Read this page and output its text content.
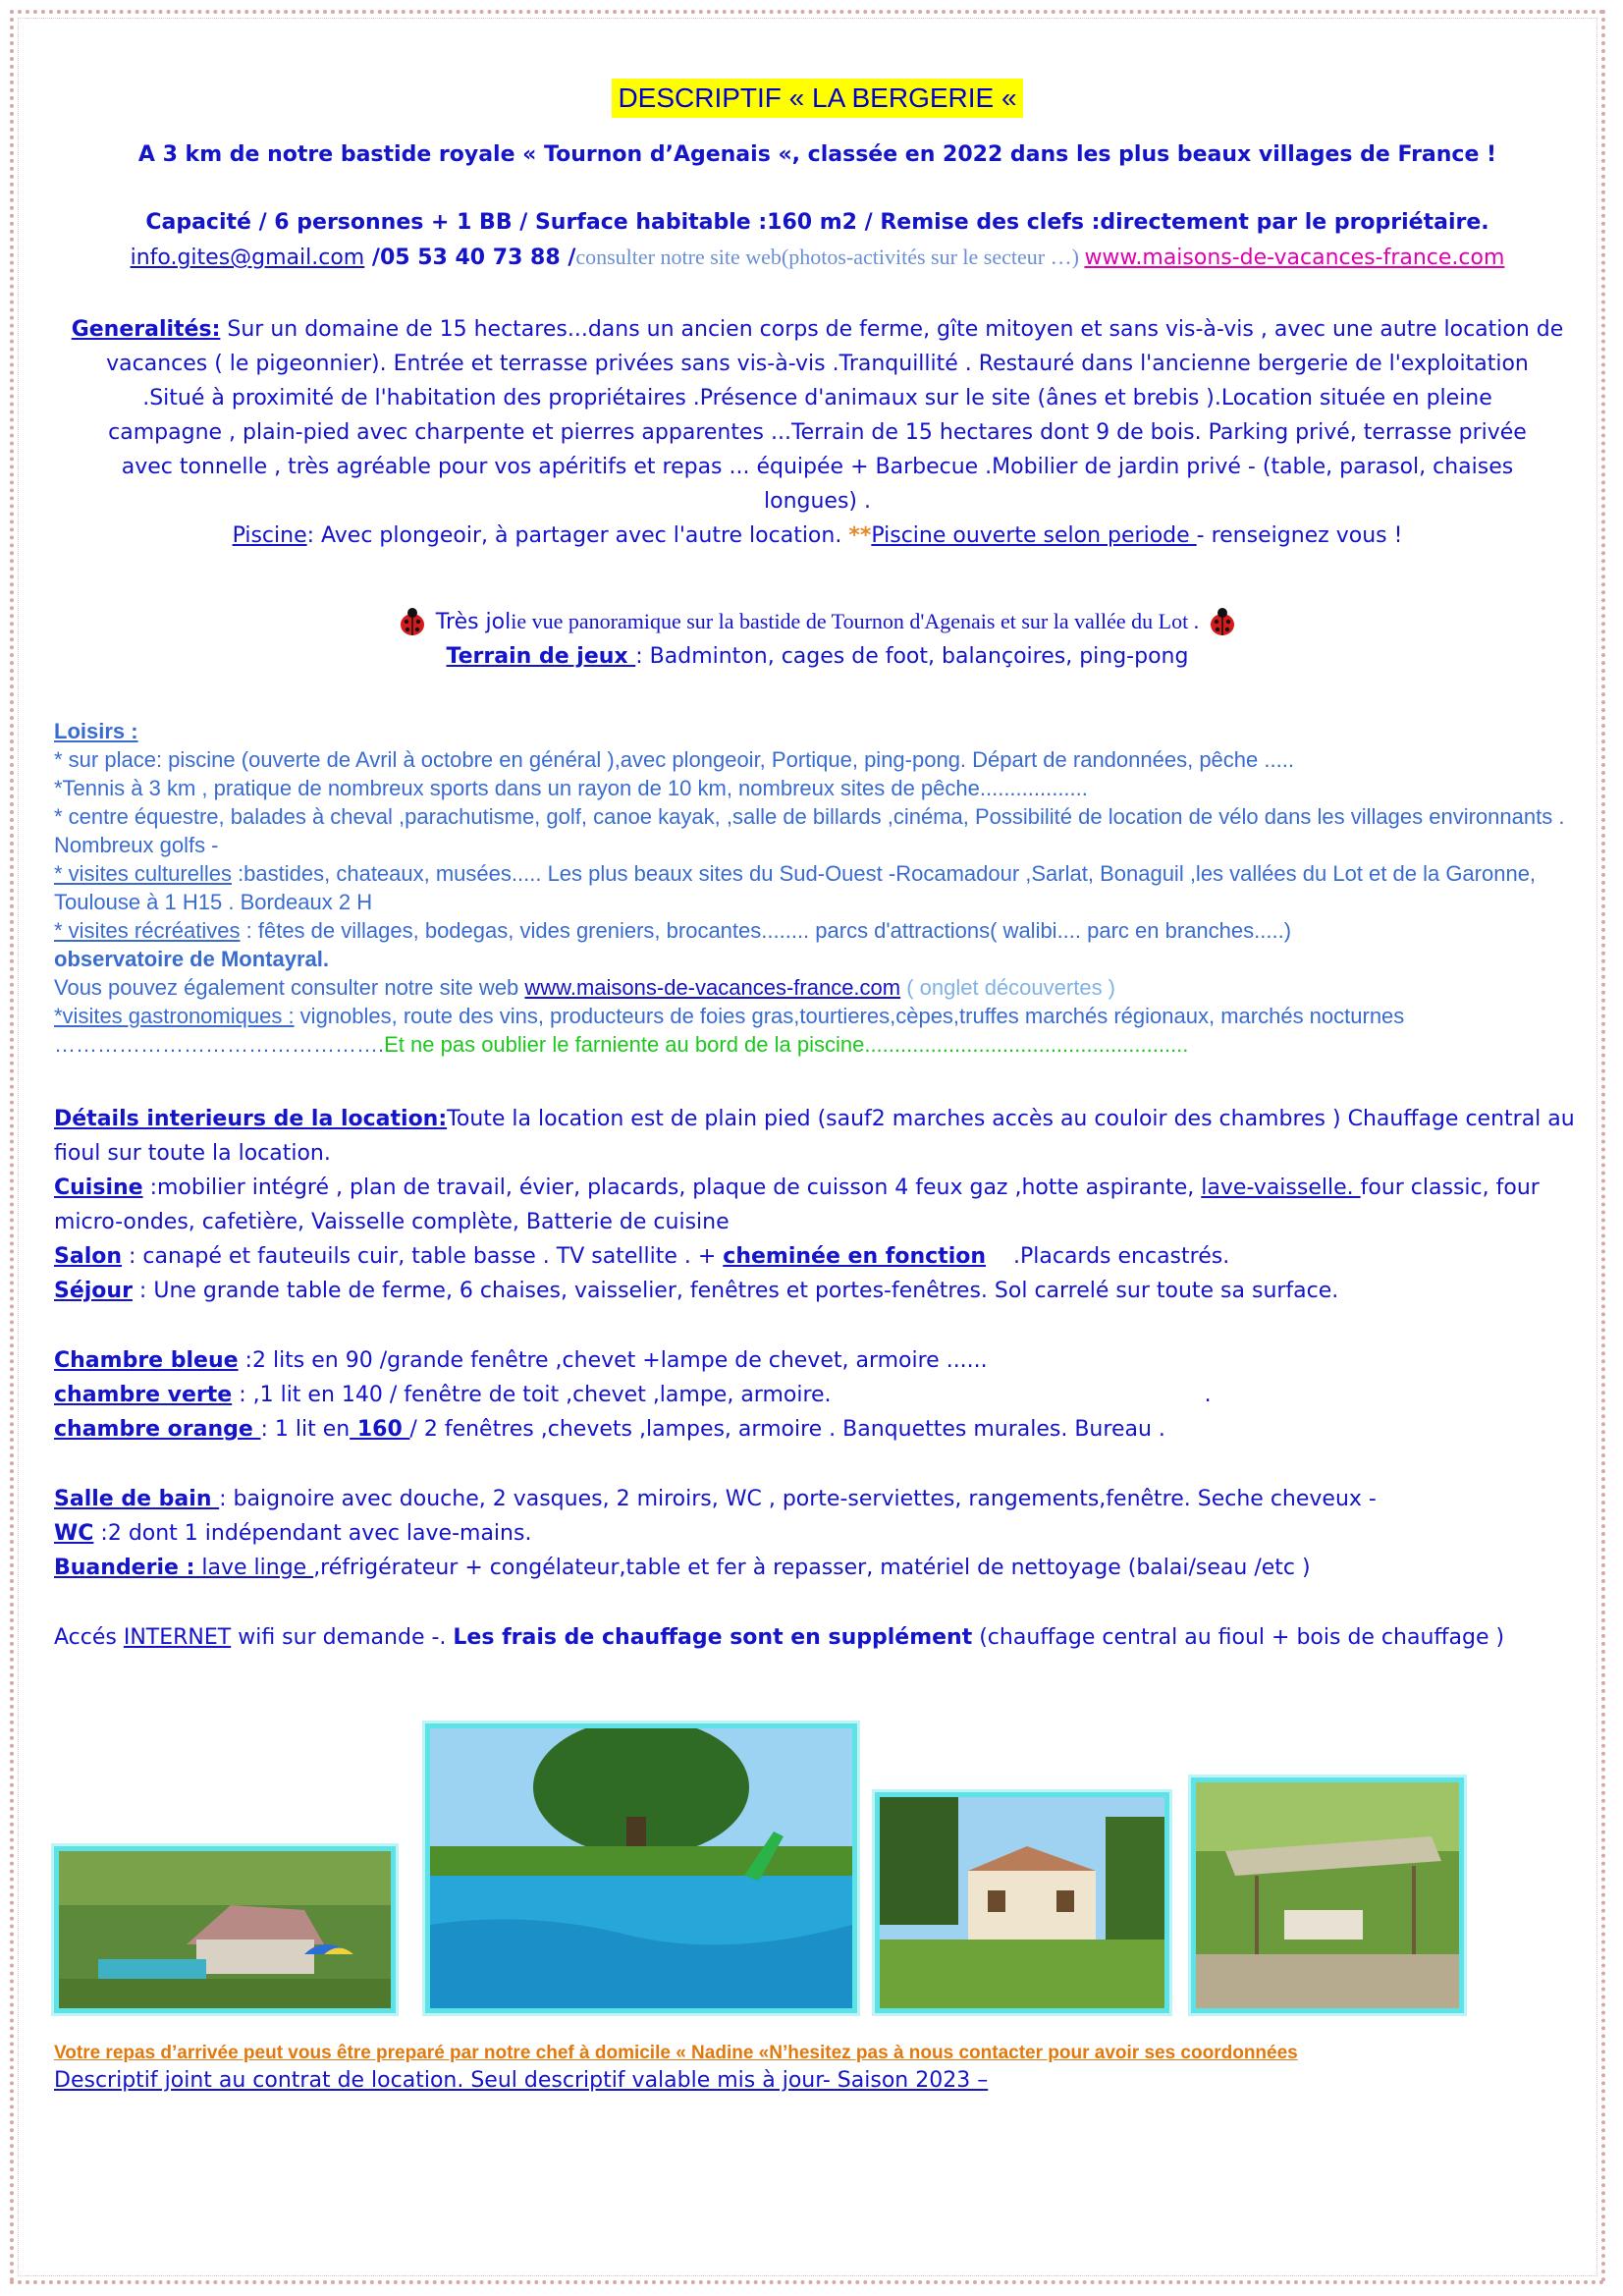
DESCRIPTIF « LA BERGERIE «
A 3 km de notre bastide royale « Tournon d’Agenais «, classée en 2022 dans les plus beaux villages de France !
Capacité / 6 personnes + 1 BB / Surface habitable :160 m2 / Remise des clefs :directement par le propriétaire.
info.gites@gmail.com /05 53 40 73 88 /consulter notre site web(photos-activités sur le secteur …) www.maisons-de-vacances-france.com
Generalités: Sur un domaine de 15 hectares...dans un ancien corps de ferme, gîte mitoyen et sans vis-à-vis , avec une autre location de
vacances ( le pigeonnier). Entrée et terrasse privées sans vis-à-vis .Tranquillité . Restauré dans l'ancienne bergerie de l'exploitation
.Situé à proximité de l'habitation des propriétaires .Présence d'animaux sur le site (ânes et brebis ).Location située en pleine
campagne , plain-pied avec charpente et pierres apparentes ...Terrain de 15 hectares dont 9 de bois. Parking privé, terrasse privée
avec tonnelle , très agréable pour vos apéritifs et repas ... équipée + Barbecue .Mobilier de jardin privé - (table, parasol, chaises
longues) .
Piscine: Avec plongeoir, à partager avec l'autre location. **Piscine ouverte selon periode - renseignez vous !
Très jolie vue panoramique sur la bastide de Tournon d'Agenais et sur la vallée du Lot .
Terrain de jeux : Badminton, cages de foot, balançoires, ping-pong
Loisirs :
* sur place: piscine (ouverte de Avril à octobre en général ),avec plongeoir, Portique, ping-pong. Départ de randonnées, pêche .....
*Tennis à 3 km , pratique de nombreux sports dans un rayon de 10 km, nombreux sites de pêche..................
* centre équestre, balades à cheval ,parachutisme, golf, canoe kayak, ,salle de billards ,cinéma, Possibilité de location de vélo dans les villages environnants . Nombreux golfs -
* visites culturelles :bastides, chateaux, musées..... Les plus beaux sites du Sud-Ouest -Rocamadour ,Sarlat, Bonaguil ,les vallées du Lot et de la Garonne, Toulouse à 1 H15 . Bordeaux 2 H
* visites récréatives : fêtes de villages, bodegas, vides greniers, brocantes........ parcs d'attractions( walibi.... parc en branches.....)
observatoire de Montayral.
Vous pouvez également consulter notre site web www.maisons-de-vacances-france.com ( onglet découvertes )
*visites gastronomiques : vignobles, route des vins, producteurs de foies gras,tourtieres,cèpes,truffes marchés régionaux, marchés nocturnes
……………………………………….Et ne pas oublier le farniente au bord de la piscine......................................................
Détails interieurs de la location:Toute la location est de plain pied (sauf2 marches accès au couloir des chambres ) Chauffage central au fioul sur toute la location.
Cuisine :mobilier intégré , plan de travail, évier, placards, plaque de cuisson 4 feux gaz ,hotte aspirante, lave-vaisselle. four classic, four micro-ondes, cafetière, Vaisselle complète, Batterie de cuisine
Salon : canapé et fauteuils cuir, table basse . TV satellite . + cheminée en fonction    .Placards encastrés.
Séjour : Une grande table de ferme, 6 chaises, vaisselier, fenêtres et portes-fenêtres. Sol carrelé sur toute sa surface.
Chambre bleue :2 lits en 90 /grande fenêtre ,chevet +lampe de chevet, armoire ......
chambre verte : ,1 lit en 140 / fenêtre de toit ,chevet ,lampe, armoire.	.
chambre orange : 1 lit en 160 / 2 fenêtres ,chevets ,lampes, armoire . Banquettes murales. Bureau .
Salle de bain : baignoire avec douche, 2 vasques, 2 miroirs, WC , porte-serviettes, rangements,fenêtre. Seche cheveux -
WC :2 dont 1 indépendant avec lave-mains.
Buanderie : lave linge ,réfrigérateur + congélateur,table et fer à repasser, matériel de nettoyage (balai/seau /etc )
Accés INTERNET wifi sur demande -. Les frais de chauffage sont en supplément (chauffage central au fioul + bois de chauffage )
Votre repas d’arrivée peut vous être preparé par notre chef à domicile « Nadine «N’hesitez pas à nous contacter pour avoir ses coordonnées
Descriptif joint au contrat de location. Seul descriptif valable mis à jour- Saison 2023 –
